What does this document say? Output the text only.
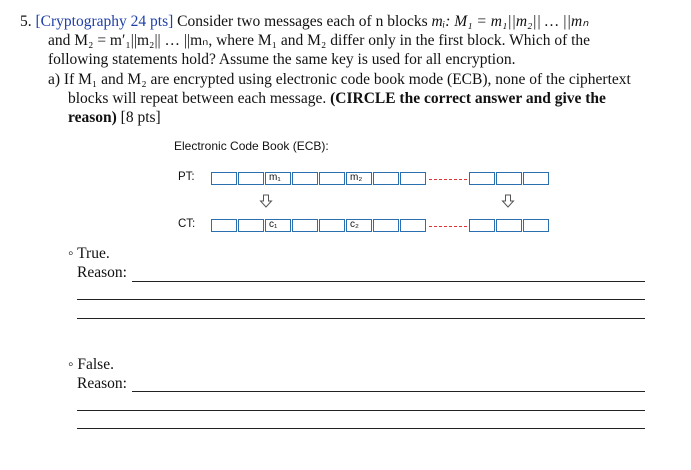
5. [Cryptography 24 pts] Consider two messages each of n blocks mᵢ: M₁ = m₁||m₂|| … ||mₙ
and M₂ = m′₁||m₂|| … ||mₙ, where M₁ and M₂ differ only in the first block. Which of the
following statements hold? Assume the same key is used for all encryption.
a) If M₁ and M₂ are encrypted using electronic code book mode (ECB), none of the ciphertext
blocks will repeat between each message. (CIRCLE the correct answer and give the
reason) [8 pts]
Electronic Code Book (ECB):
PT:
CT:
m₁	m₂
c₁	c₂
◦ True.
Reason:
◦ False.
Reason:
